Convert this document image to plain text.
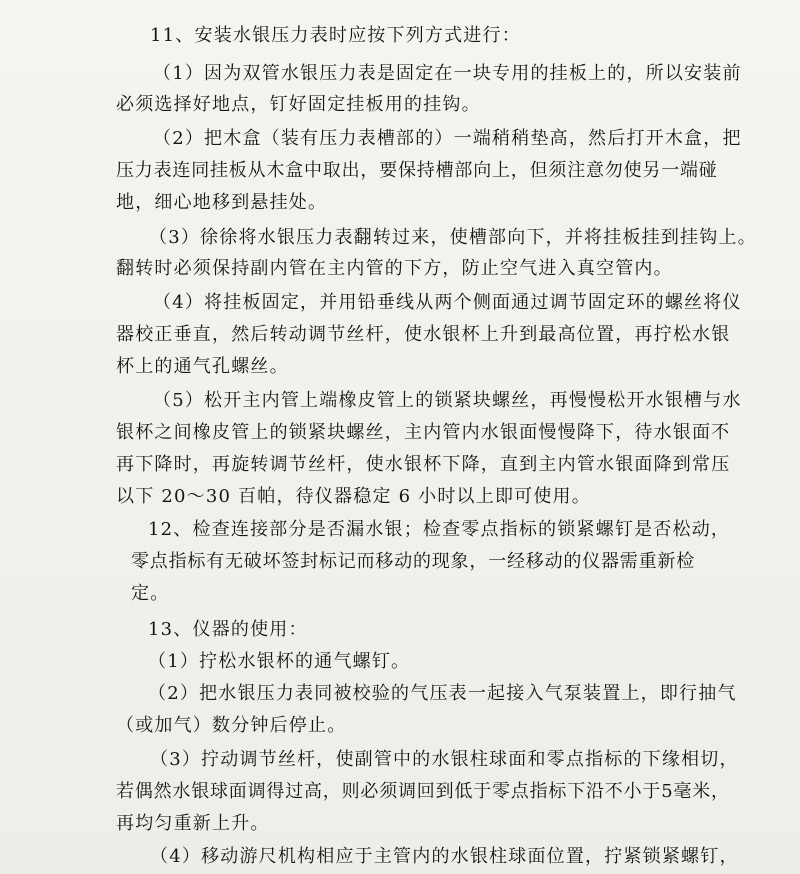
11、安装水银压力表时应按下列方式进行：
（1）因为双管水银压力表是固定在一块专用的挂板上的，所以安装前
必须选择好地点，钉好固定挂板用的挂钩。
（2）把木盒（装有压力表槽部的）一端稍稍垫高，然后打开木盒，把
压力表连同挂板从木盒中取出，要保持槽部向上，但须注意勿使另一端碰
地，细心地移到悬挂处。
（3）徐徐将水银压力表翻转过来，使槽部向下，并将挂板挂到挂钩上。
翻转时必须保持副内管在主内管的下方，防止空气进入真空管内。
（4）将挂板固定，并用铅垂线从两个侧面通过调节固定环的螺丝将仪
器校正垂直，然后转动调节丝杆，使水银杯上升到最高位置，再拧松水银
杯上的通气孔螺丝。
（5）松开主内管上端橡皮管上的锁紧块螺丝，再慢慢松开水银槽与水
银杯之间橡皮管上的锁紧块螺丝，主内管内水银面慢慢降下，待水银面不
再下降时，再旋转调节丝杆，使水银杯下降，直到主内管水银面降到常压
以下 20～30 百帕，待仪器稳定 6 小时以上即可使用。
12、检查连接部分是否漏水银；检查零点指标的锁紧螺钉是否松动，
零点指标有无破坏签封标记而移动的现象，一经移动的仪器需重新检
定。
13、仪器的使用：
（1）拧松水银杯的通气螺钉。
（2）把水银压力表同被校验的气压表一起接入气泵装置上，即行抽气
（或加气）数分钟后停止。
（3）拧动调节丝杆，使副管中的水银柱球面和零点指标的下缘相切，
若偶然水银球面调得过高，则必须调回到低于零点指标下沿不小于5毫米，
再均匀重新上升。
（4）移动游尺机构相应于主管内的水银柱球面位置，拧紧锁紧螺钉，
